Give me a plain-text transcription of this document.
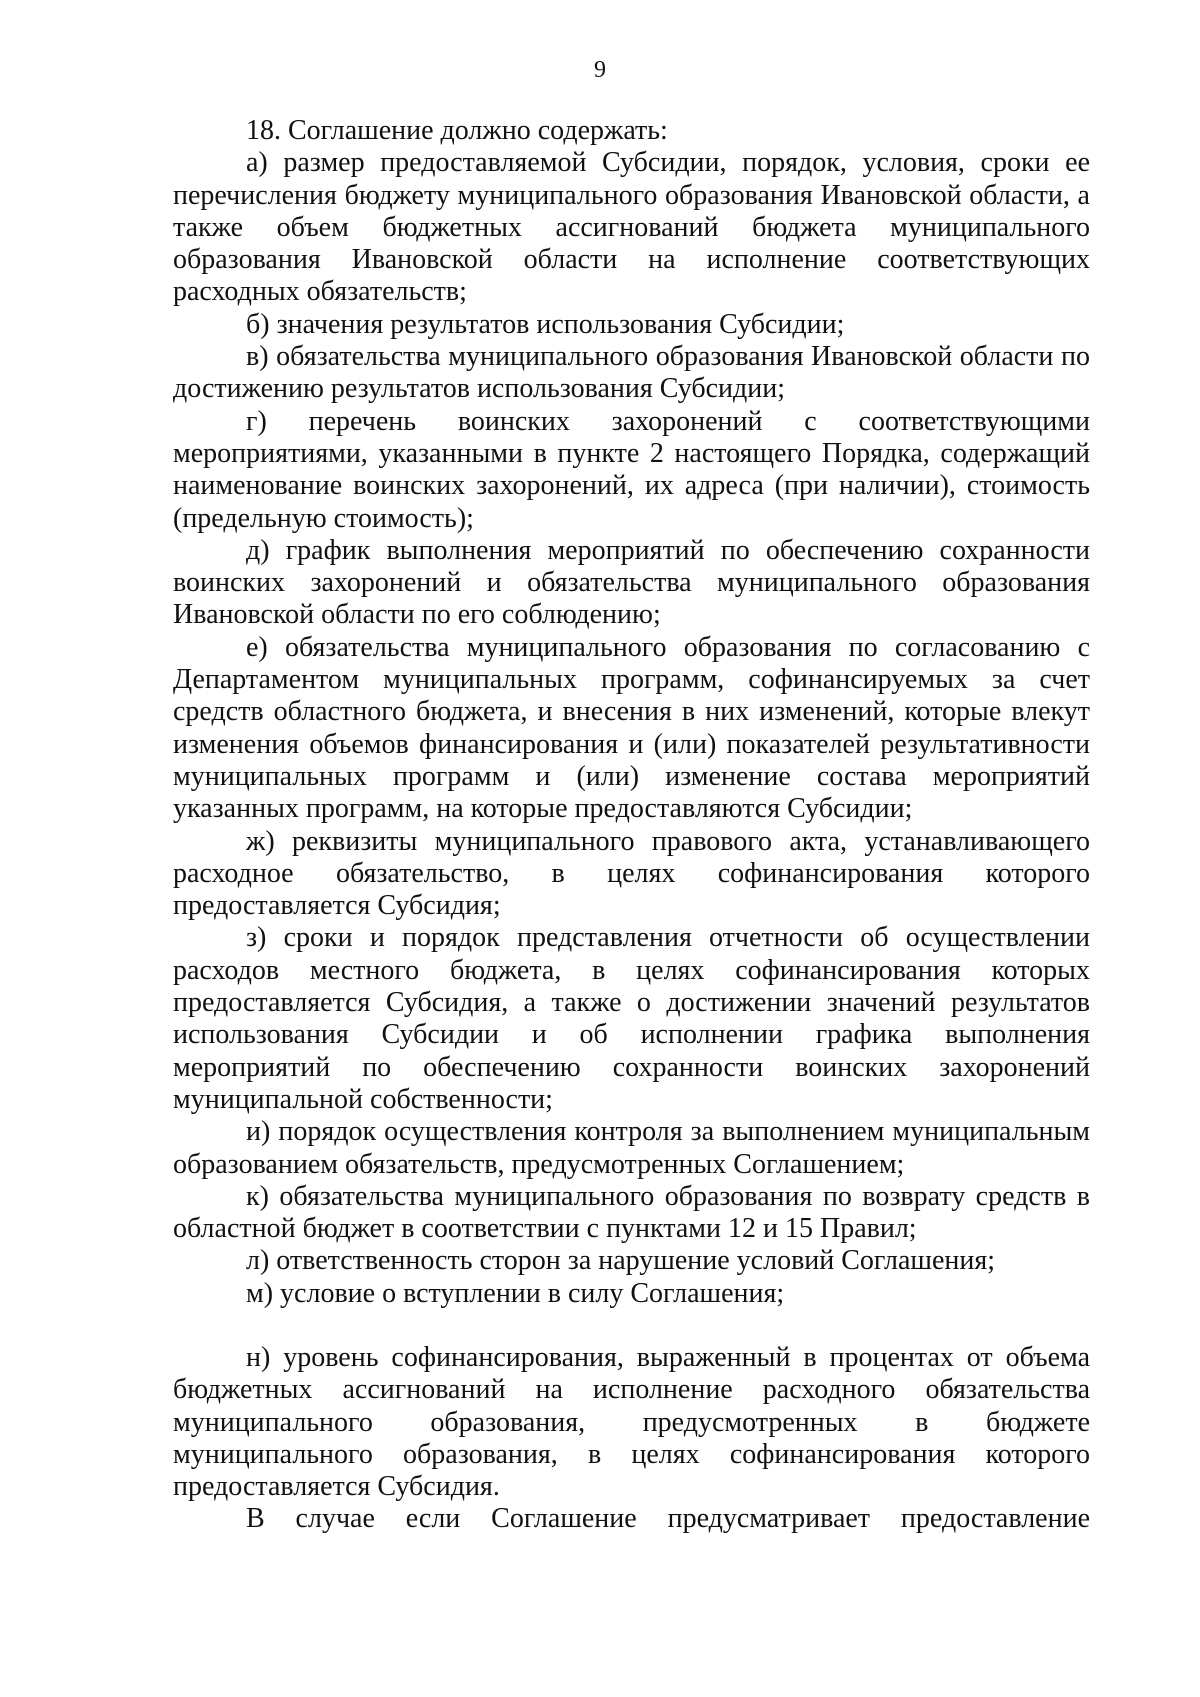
9

18. Соглашение должно содержать:

а) размер предоставляемой Субсидии, порядок, условия, сроки ее перечисления бюджету муниципального образования Ивановской области, а также объем бюджетных ассигнований бюджета муниципального образования Ивановской области на исполнение соответствующих расходных обязательств;

б) значения результатов использования Субсидии;

в) обязательства муниципального образования Ивановской области по достижению результатов использования Субсидии;

г) перечень воинских захоронений с соответствующими мероприятиями, указанными в пункте 2 настоящего Порядка, содержащий наименование воинских захоронений, их адреса (при наличии), стоимость (предельную стоимость);

д) график выполнения мероприятий по обеспечению сохранности воинских захоронений и обязательства муниципального образования Ивановской области по его соблюдению;

е) обязательства муниципального образования по согласованию с Департаментом муниципальных программ, софинансируемых за счет средств областного бюджета, и внесения в них изменений, которые влекут изменения объемов финансирования и (или) показателей результативности муниципальных программ и (или) изменение состава мероприятий указанных программ, на которые предоставляются Субсидии;

ж) реквизиты муниципального правового акта, устанавливающего расходное обязательство, в целях софинансирования которого предоставляется Субсидия;

з) сроки и порядок представления отчетности об осуществлении расходов местного бюджета, в целях софинансирования которых предоставляется Субсидия, а также о достижении значений результатов использования Субсидии и об исполнении графика выполнения мероприятий по обеспечению сохранности воинских захоронений муниципальной собственности;

и) порядок осуществления контроля за выполнением муниципальным образованием обязательств, предусмотренных Соглашением;

к) обязательства муниципального образования по возврату средств в областной бюджет в соответствии с пунктами 12 и 15 Правил;

л) ответственность сторон за нарушение условий Соглашения;

м) условие о вступлении в силу Соглашения;

н) уровень софинансирования, выраженный в процентах от объема бюджетных ассигнований на исполнение расходного обязательства муниципального образования, предусмотренных в бюджете муниципального образования, в целях софинансирования которого предоставляется Субсидия.

В случае если Соглашение предусматривает предоставление
